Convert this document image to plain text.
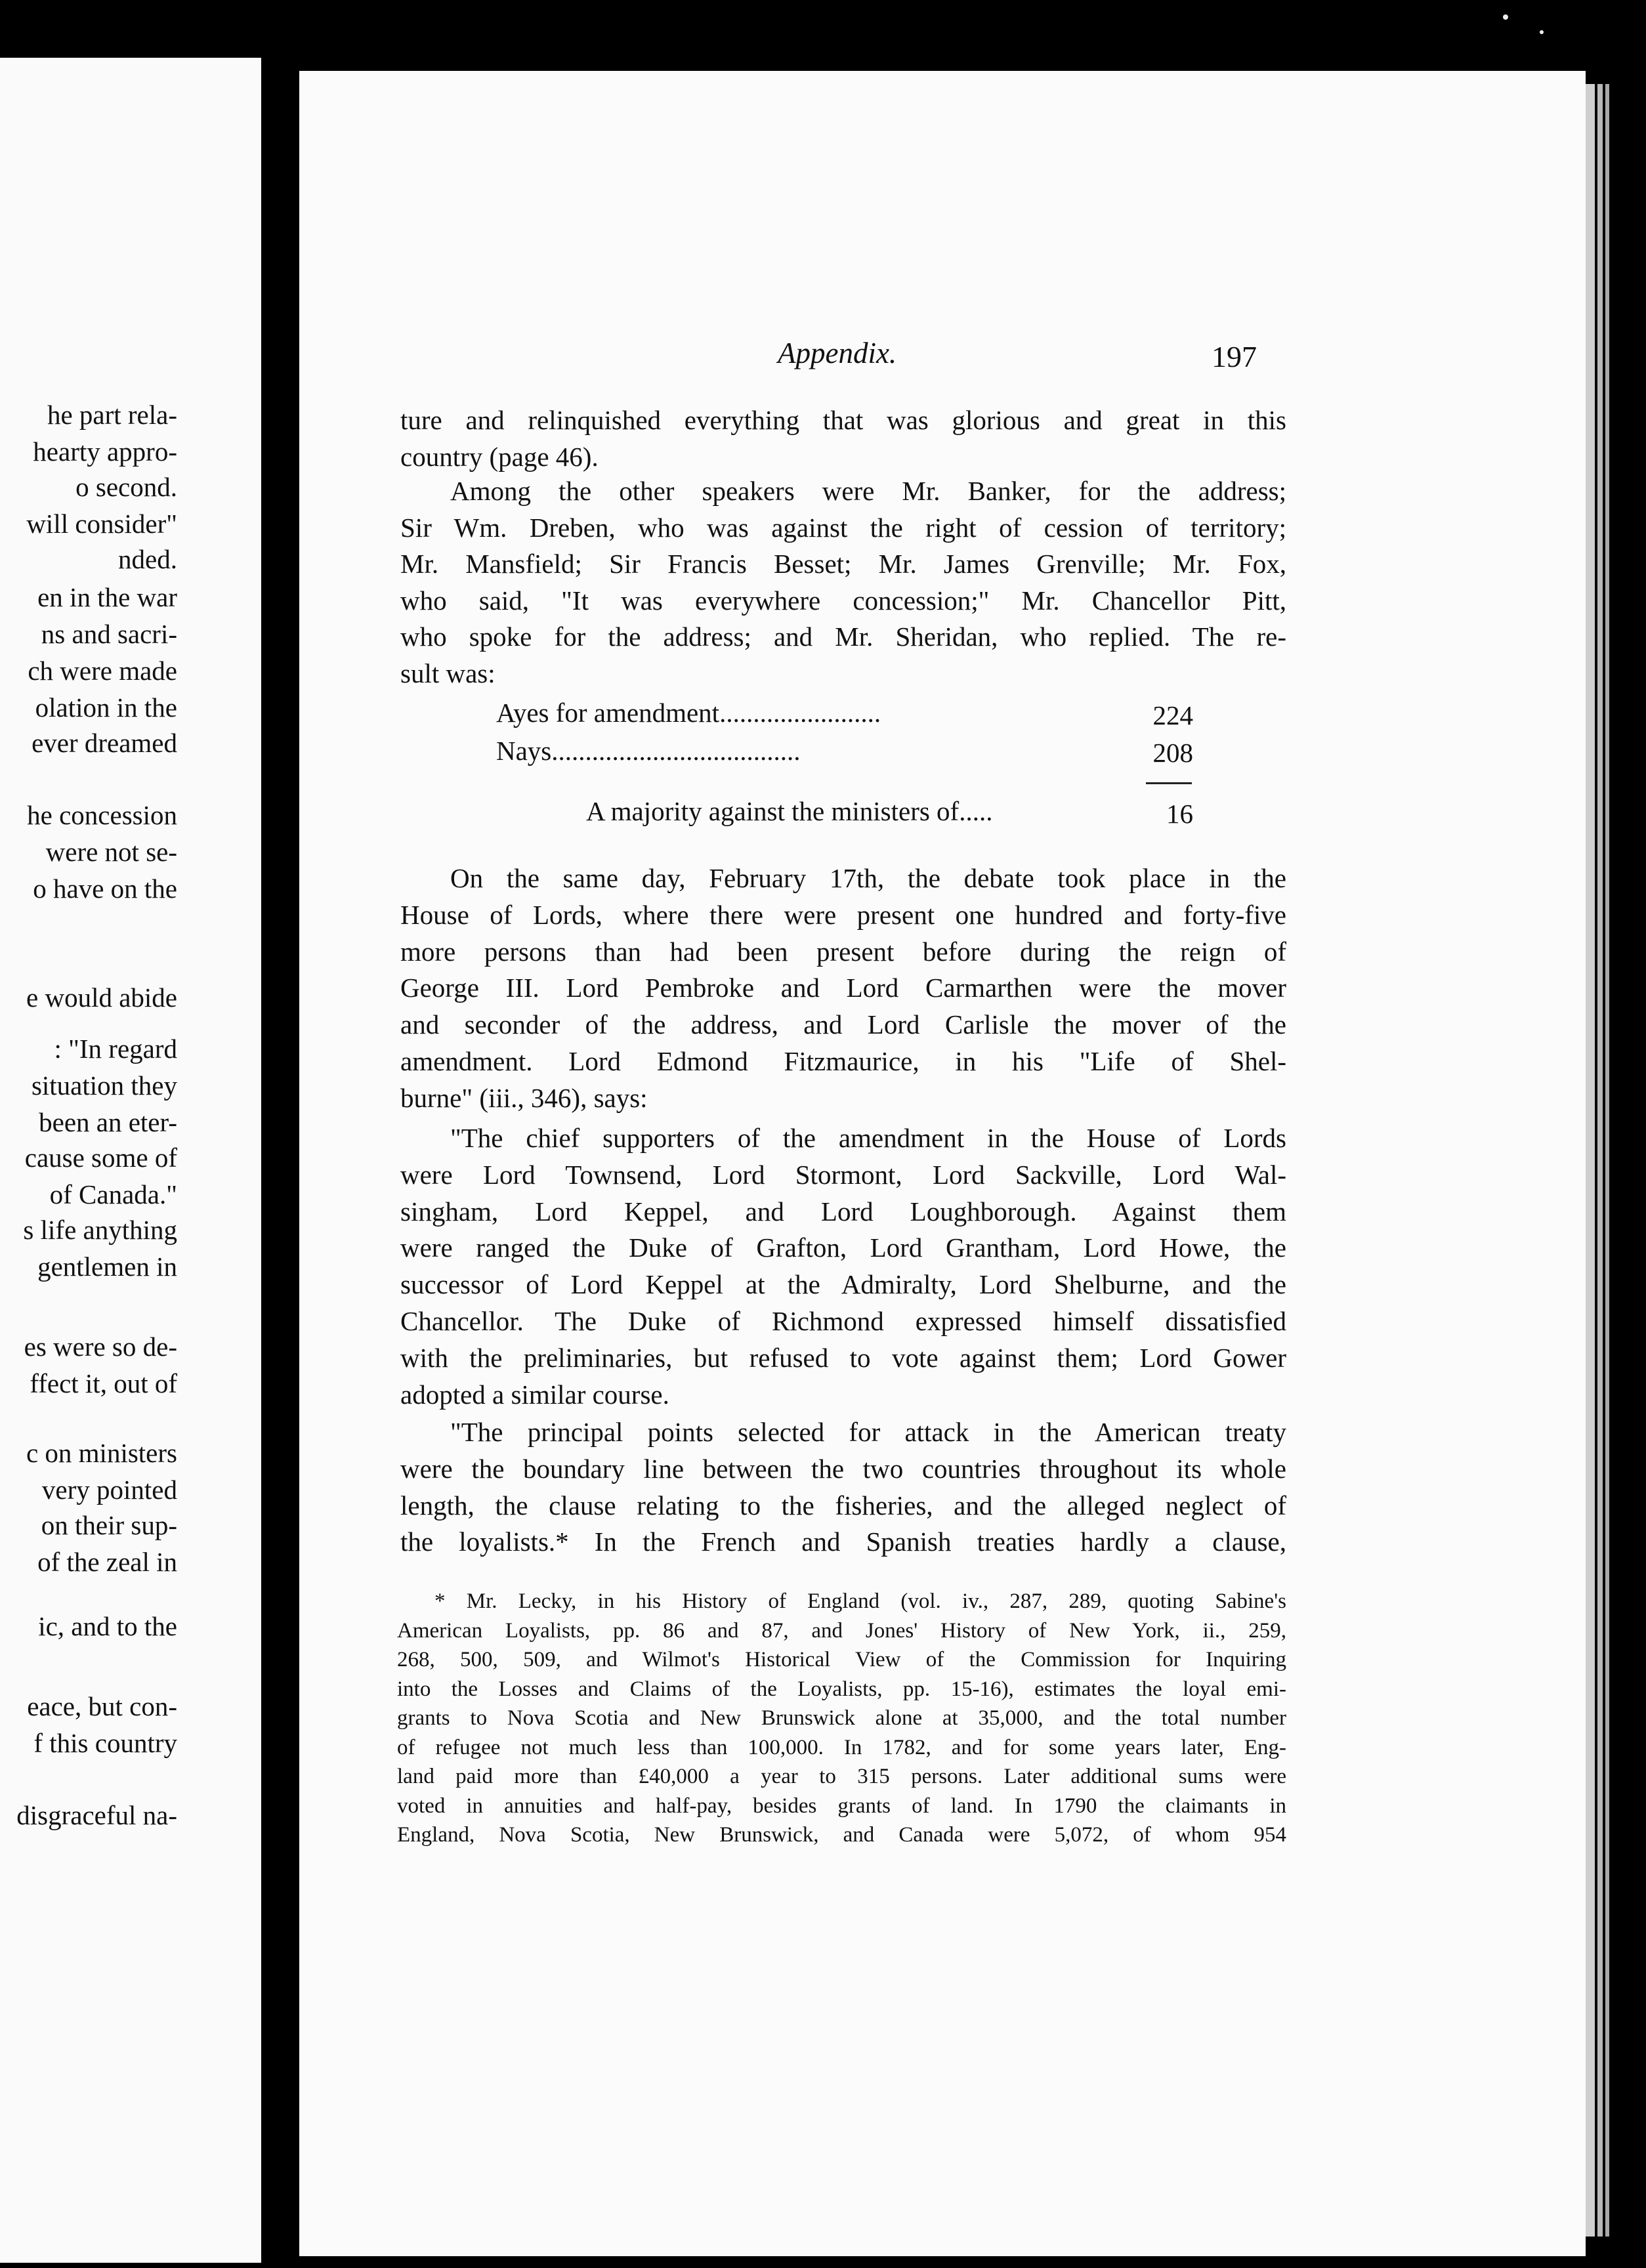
he part rela-
hearty appro-
o second.
will consider"
nded.
en in the war
ns and sacri-
ch were made
olation in the
ever dreamed
he concession
were not se-
o have on the
e would abide
: "In regard
situation they
been an eter-
cause some of
of Canada."
s life anything
gentlemen in
es were so de-
ffect it, out of
c on ministers
very pointed
on their sup-
of the zeal in
ic, and to the
eace, but con-
f this country
disgraceful na-
Appendix.	197
ture and relinquished everything that was glorious and great in this
country (page 46).
Among the other speakers were Mr. Banker, for the address;
Sir Wm. Dreben, who was against the right of cession of territory;
Mr. Mansfield; Sir Francis Besset; Mr. James Grenville; Mr. Fox,
who said, "It was everywhere concession;" Mr. Chancellor Pitt,
who spoke for the address; and Mr. Sheridan, who replied. The re-
sult was:
On the same day, February 17th, the debate took place in the
House of Lords, where there were present one hundred and forty-five
more persons than had been present before during the reign of
George III. Lord Pembroke and Lord Carmarthen were the mover
and seconder of the address, and Lord Carlisle the mover of the
amendment. Lord Edmond Fitzmaurice, in his "Life of Shel-
burne" (iii., 346), says:
"The chief supporters of the amendment in the House of Lords
were Lord Townsend, Lord Stormont, Lord Sackville, Lord Wal-
singham, Lord Keppel, and Lord Loughborough. Against them
were ranged the Duke of Grafton, Lord Grantham, Lord Howe, the
successor of Lord Keppel at the Admiralty, Lord Shelburne, and the
Chancellor. The Duke of Richmond expressed himself dissatisfied
with the preliminaries, but refused to vote against them; Lord Gower
adopted a similar course.
"The principal points selected for attack in the American treaty
were the boundary line between the two countries throughout its whole
length, the clause relating to the fisheries, and the alleged neglect of
the loyalists.* In the French and Spanish treaties hardly a clause,
Ayes for amendment........................	224
Nays.....................................	208
A majority against the ministers of.....	16
* Mr. Lecky, in his History of England (vol. iv., 287, 289, quoting Sabine's
American Loyalists, pp. 86 and 87, and Jones' History of New York, ii., 259,
268, 500, 509, and Wilmot's Historical View of the Commission for Inquiring
into the Losses and Claims of the Loyalists, pp. 15-16), estimates the loyal emi-
grants to Nova Scotia and New Brunswick alone at 35,000, and the total number
of refugee not much less than 100,000. In 1782, and for some years later, Eng-
land paid more than £40,000 a year to 315 persons. Later additional sums were
voted in annuities and half-pay, besides grants of land. In 1790 the claimants in
England, Nova Scotia, New Brunswick, and Canada were 5,072, of whom 954
